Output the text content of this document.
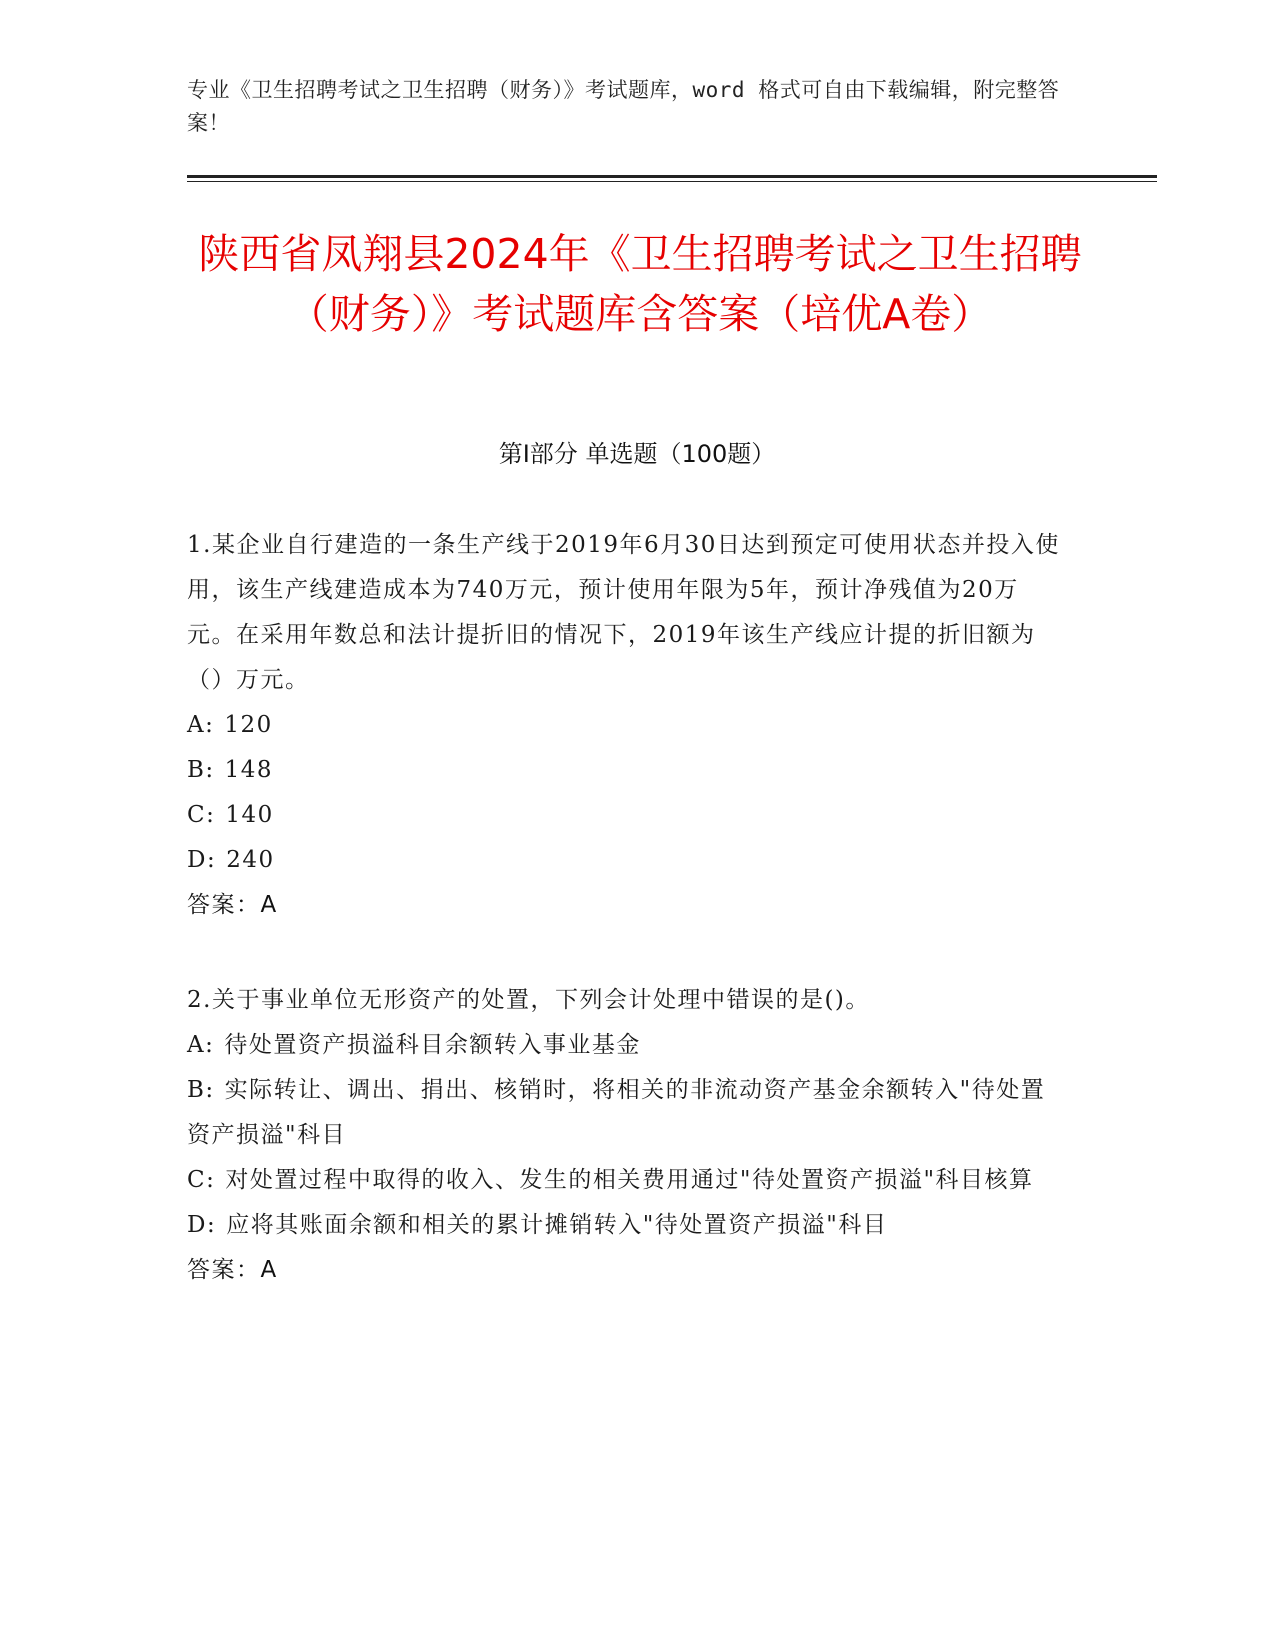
专业《卫生招聘考试之卫生招聘（财务）》考试题库，word 格式可自由下载编辑，附完整答案！
陕西省凤翔县2024年《卫生招聘考试之卫生招聘（财务）》考试题库含答案（培优A卷）
第Ⅰ部分 单选题（100题）
1.某企业自行建造的一条生产线于2019年6月30日达到预定可使用状态并投入使用，该生产线建造成本为740万元，预计使用年限为5年，预计净残值为20万元。在采用年数总和法计提折旧的情况下，2019年该生产线应计提的折旧额为（）万元。
A: 120
B: 148
C: 140
D: 240
答案：A
2.关于事业单位无形资产的处置，下列会计处理中错误的是()。
A: 待处置资产损溢科目余额转入事业基金
B: 实际转让、调出、捐出、核销时，将相关的非流动资产基金余额转入"待处置资产损溢"科目
C: 对处置过程中取得的收入、发生的相关费用通过"待处置资产损溢"科目核算
D: 应将其账面余额和相关的累计摊销转入"待处置资产损溢"科目
答案：A
